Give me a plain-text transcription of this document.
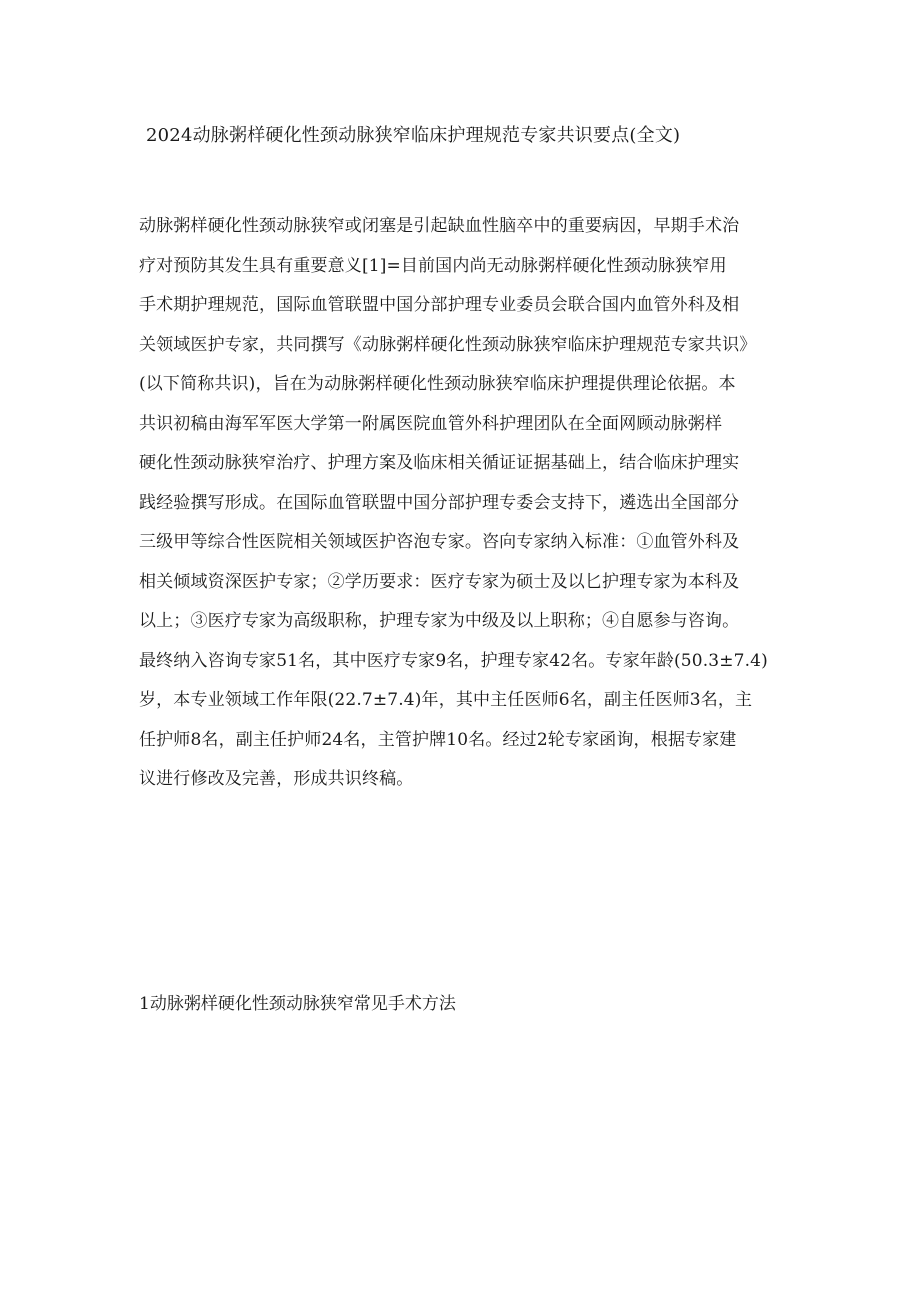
2024动脉粥样硬化性颈动脉狭窄临床护理规范专家共识要点(全文)
动脉粥样硬化性颈动脉狭窄或闭塞是引起缺血性脑卒中的重要病因，早期手术治
疗对预防其发生具有重要意义[1]=目前国内尚无动脉粥样硬化性颈动脉狭窄用
手术期护理规范，国际血管联盟中国分部护理专业委员会联合国内血管外科及相
关领域医护专家，共同撰写《动脉粥样硬化性颈动脉狭窄临床护理规范专家共识》
(以下简称共识)，旨在为动脉粥样硬化性颈动脉狭窄临床护理提供理论依据。本
共识初稿由海军军医大学第一附属医院血管外科护理团队在全面网顾动脉粥样
硬化性颈动脉狭窄治疗、护理方案及临床相关循证证据基础上，结合临床护理实
践经验撰写形成。在国际血管联盟中国分部护理专委会支持下，遴选出全国部分
三级甲等综合性医院相关领域医护咨泡专家。咨向专家纳入标准：①血管外科及
相关倾域资深医护专家；②学历要求：医疗专家为硕士及以匕护理专家为本科及
以上；③医疗专家为高级职称，护理专家为中级及以上职称；④自愿参与咨询。
最终纳入咨询专家51名，其中医疗专家9名，护理专家42名。专家年龄(50.3±7.4)
岁，本专业领域工作年限(22.7±7.4)年，其中主任医师6名，副主任医师3名，主
任护师8名，副主任护师24名，主管护牌10名。经过2轮专家函询，根据专家建
议进行修改及完善，形成共识终稿。
1动脉粥样硬化性颈动脉狭窄常见手术方法
